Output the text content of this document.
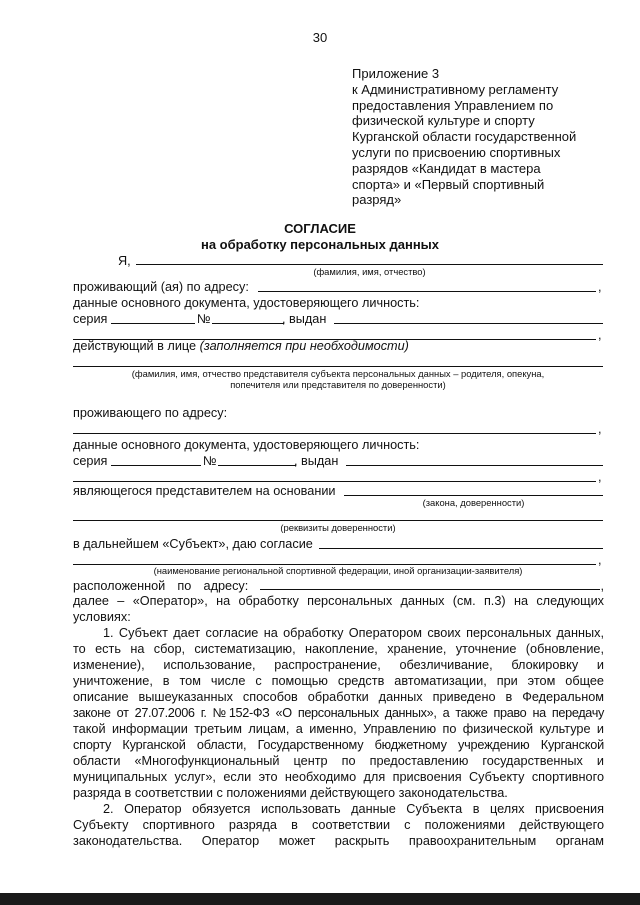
30
Приложение 3
к Административному регламенту
предоставления Управлением по
физической культуре и спорту
Курганской области государственной
услуги по присвоению спортивных
разрядов «Кандидат в мастера
спорта» и «Первый спортивный
разряд»
СОГЛАСИЕ
на обработку персональных данных
Я,
(фамилия, имя, отчество)
проживающий (ая) по адресу:	,
данные основного документа, удостоверяющего личность:
серия	№	, выдан
,
действующий в лице (заполняется при необходимости)
(фамилия, имя, отчество представителя субъекта персональных данных – родителя, опекуна,
попечителя или представителя по доверенности)
проживающего по адресу:
,
данные основного документа, удостоверяющего личность:
серия	№	, выдан
,
являющегося представителем на основании
(закона, доверенности)
(реквизиты доверенности)
в дальнейшем «Субъект», даю согласие
,
(наименование региональной спортивной федерации, иной организации-заявителя)
расположенной по адресу:	,
далее – «Оператор», на обработку персональных данных (см. п.3) на следующих
условиях:
1. Субъект дает согласие на обработку Оператором своих персональных данных,
то есть на сбор, систематизацию, накопление, хранение, уточнение (обновление,
изменение), использование, распространение, обезличивание, блокировку и
уничтожение, в том числе с помощью средств автоматизации, при этом общее
описание вышеуказанных способов обработки данных приведено в Федеральном
законе от 27.07.2006 г. №152-ФЗ «О персональных данных», а также право на передачу
такой информации третьим лицам, а именно, Управлению по физической культуре и
спорту Курганской области, Государственному бюджетному учреждению Курганской
области «Многофункциональный центр по предоставлению государственных и
муниципальных услуг», если это необходимо для присвоения Субъекту спортивного
разряда в соответствии с положениями действующего законодательства.
2. Оператор обязуется использовать данные Субъекта в целях присвоения
Субъекту спортивного разряда в соответствии с положениями действующего
законодательства. Оператор может раскрыть правоохранительным органам
